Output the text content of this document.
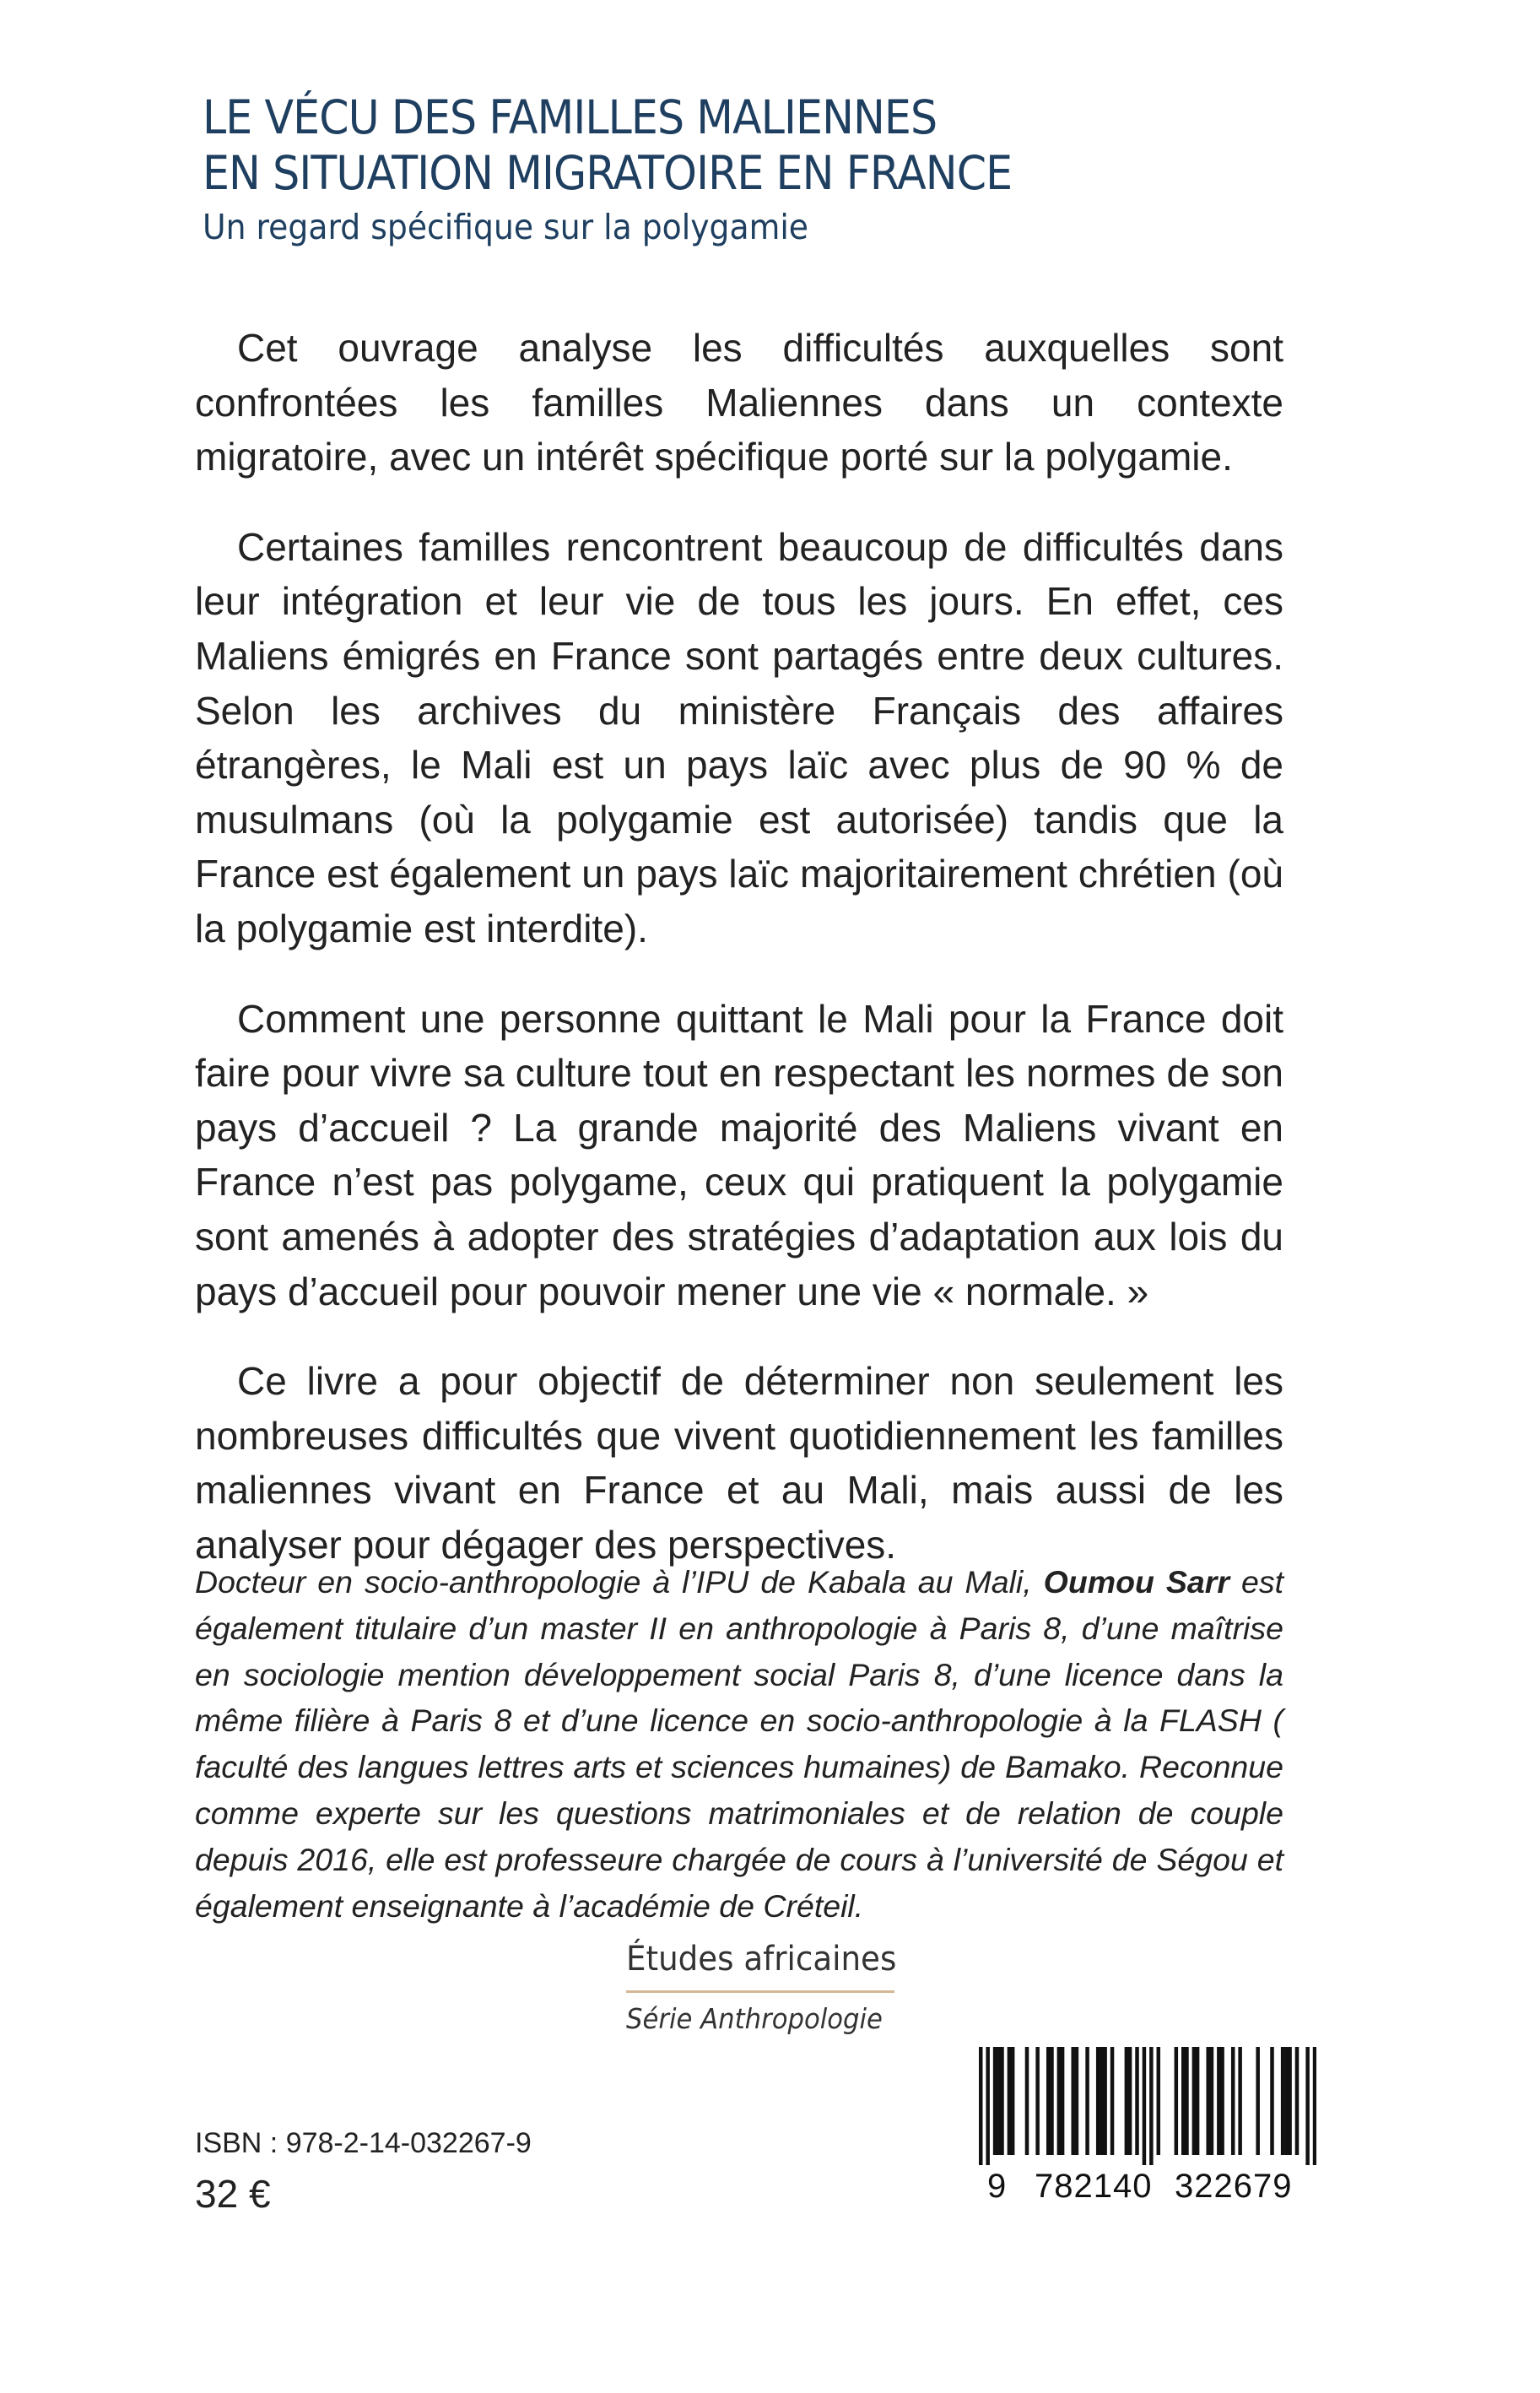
LE VÉCU DES FAMILLES MALIENNES
EN SITUATION MIGRATOIRE EN FRANCE
Un regard spécifique sur la polygamie

Cet ouvrage analyse les difficultés auxquelles sont confrontées les familles Maliennes dans un contexte migratoire, avec un intérêt spécifique porté sur la polygamie.

Certaines familles rencontrent beaucoup de difficultés dans leur intégration et leur vie de tous les jours. En effet, ces Maliens émigrés en France sont partagés entre deux cultures. Selon les archives du ministère Français des affaires étrangères, le Mali est un pays laïc avec plus de 90 % de musulmans (où la polygamie est autorisée) tandis que la France est également un pays laïc majoritairement chrétien (où la polygamie est interdite).

Comment une personne quittant le Mali pour la France doit faire pour vivre sa culture tout en respectant les normes de son pays d’accueil ? La grande majorité des Maliens vivant en France n’est pas polygame, ceux qui pratiquent la polygamie sont amenés à adopter des stratégies d’adaptation aux lois du pays d’accueil pour pouvoir mener une vie « normale. »

Ce livre a pour objectif de déterminer non seulement les nombreuses difficultés que vivent quotidiennement les familles maliennes vivant en France et au Mali, mais aussi de les analyser pour dégager des perspectives.

Docteur en socio-anthropologie à l’IPU de Kabala au Mali, Oumou Sarr est également titulaire d’un master II en anthropologie à Paris 8, d’une maîtrise en sociologie mention développement social Paris 8, d’une licence dans la même filière à Paris 8 et d’une licence en socio-anthropologie à la FLASH ( faculté des langues lettres arts et sciences humaines) de Bamako. Reconnue comme experte sur les questions matrimoniales et de relation de couple depuis 2016, elle est professeure chargée de cours à l’université de Ségou et également enseignante à l’académie de Créteil.

Études africaines
Série Anthropologie
ISBN : 978-2-14-032267-9
32 €	9 782140 322679
